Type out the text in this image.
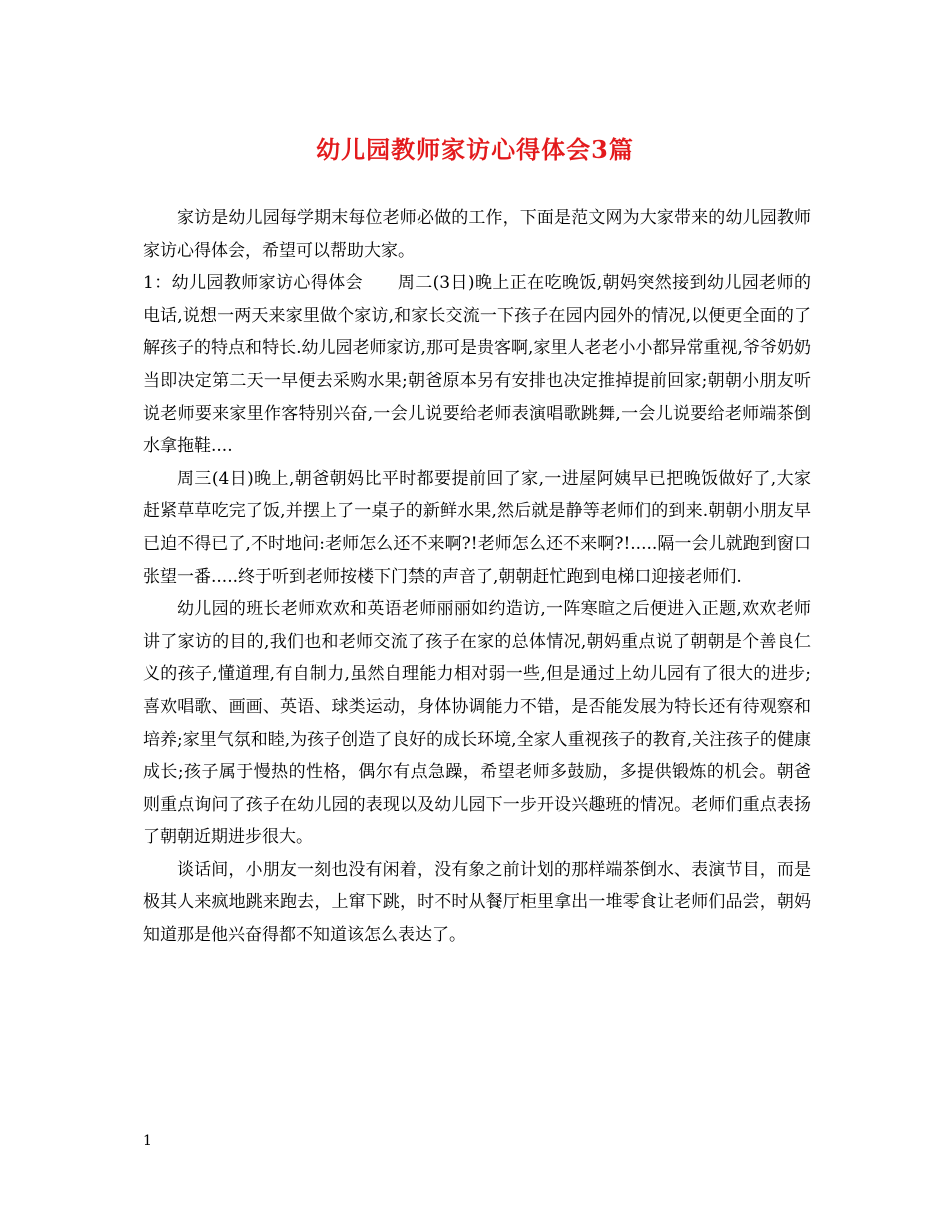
幼儿园教师家访心得体会3篇

家访是幼儿园每学期末每位老师必做的工作，下面是范文网为大家带来的幼儿园教师家访心得体会，希望可以帮助大家。

1：幼儿园教师家访心得体会　　周二(3日)晚上正在吃晚饭,朝妈突然接到幼儿园老师的电话,说想一两天来家里做个家访,和家长交流一下孩子在园内园外的情况,以便更全面的了解孩子的特点和特长.幼儿园老师家访,那可是贵客啊,家里人老老小小都异常重视,爷爷奶奶当即决定第二天一早便去采购水果;朝爸原本另有安排也决定推掉提前回家;朝朝小朋友听说老师要来家里作客特别兴奋,一会儿说要给老师表演唱歌跳舞,一会儿说要给老师端茶倒水拿拖鞋....

周三(4日)晚上,朝爸朝妈比平时都要提前回了家,一进屋阿姨早已把晚饭做好了,大家赶紧草草吃完了饭,并摆上了一桌子的新鲜水果,然后就是静等老师们的到来.朝朝小朋友早已迫不得已了,不时地问:老师怎么还不来啊?!老师怎么还不来啊?!.....隔一会儿就跑到窗口张望一番.....终于听到老师按楼下门禁的声音了,朝朝赶忙跑到电梯口迎接老师们.

幼儿园的班长老师欢欢和英语老师丽丽如约造访,一阵寒暄之后便进入正题,欢欢老师讲了家访的目的,我们也和老师交流了孩子在家的总体情况,朝妈重点说了朝朝是个善良仁义的孩子,懂道理,有自制力,虽然自理能力相对弱一些,但是通过上幼儿园有了很大的进步;喜欢唱歌、画画、英语、球类运动，身体协调能力不错，是否能发展为特长还有待观察和培养;家里气氛和睦,为孩子创造了良好的成长环境,全家人重视孩子的教育,关注孩子的健康成长;孩子属于慢热的性格，偶尔有点急躁，希望老师多鼓励，多提供锻炼的机会。朝爸则重点询问了孩子在幼儿园的表现以及幼儿园下一步开设兴趣班的情况。老师们重点表扬了朝朝近期进步很大。

谈话间，小朋友一刻也没有闲着，没有象之前计划的那样端茶倒水、表演节目，而是极其人来疯地跳来跑去，上窜下跳，时不时从餐厅柜里拿出一堆零食让老师们品尝，朝妈知道那是他兴奋得都不知道该怎么表达了。

1
